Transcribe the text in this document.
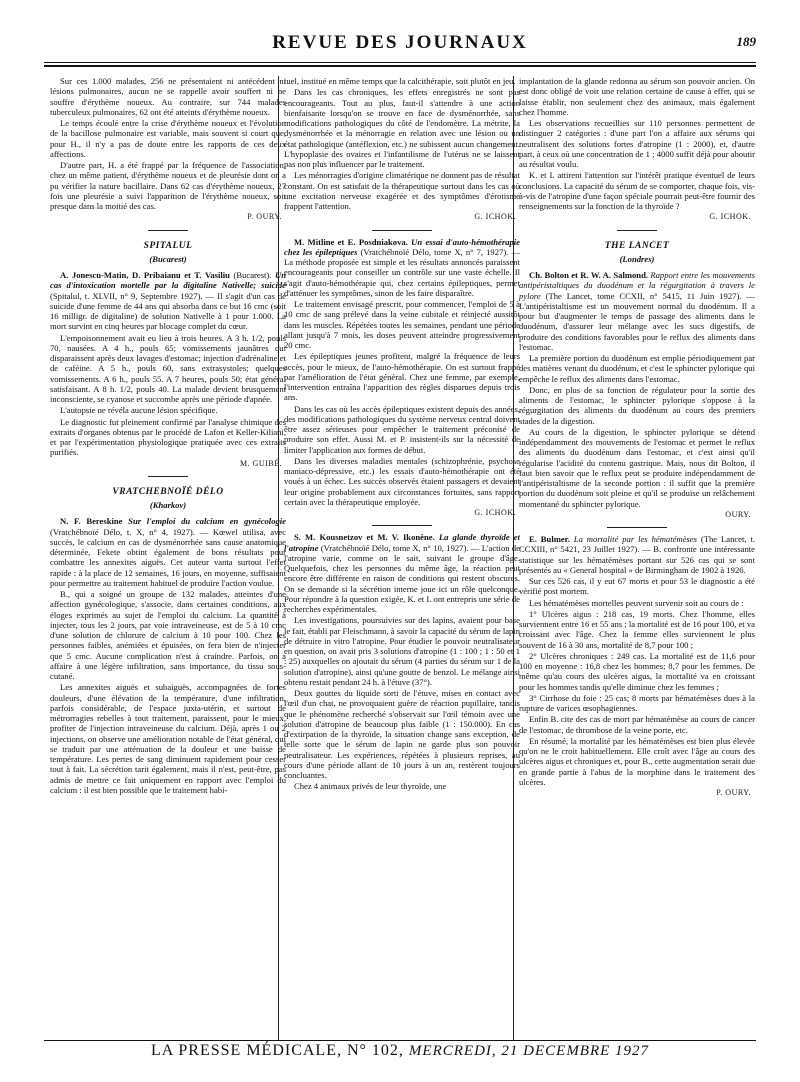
REVUE DES JOURNAUX	189

Sur ces 1.000 malades, 256 ne présentaient ni antécédent ni lésions pulmonaires, aucun ne se rappelle avoir souffert ni ne souffre d'érythème noueux. Au contraire, sur 744 malades tuberculeux pulmonaires, 62 ont été atteints d'érythème noueux.

Le temps écoulé entre la crise d'érythème noueux et l'évolution de la bacillose pulmonaire est variable, mais souvent si court que, pour H., il n'y a pas de doute entre les rapports de ces deux affections.

D'autre part, H. a été frappé par la fréquence de l'association, chez un même patient, d'érythème noueux et de pleurésie dont on a pu vérifier la nature bacillaire. Dans 62 cas d'érythème noueux, 27 fois une pleurésie a suivi l'apparition de l'érythème noueux, soit presque dans la moitié des cas.

P. OURY.
SPITALUL
(Bucarest)

A. Jonescu-Matin, D. Pribaianu et T. Vasiliu (Bucarest). Un cas d'intoxication mortelle par la digitaline Nativelle; suicide (Spitalul, t. XLVII, n° 9, Septembre 1927). — Il s'agit d'un cas de suicide d'une femme de 44 ans qui absorba dans ce but 16 cmc (soit 16 milligr. de digitaline) de solution Nativelle à 1 pour 1.000. La mort survint en cinq heures par blocage complet du cœur.

L'empoisonnement avait eu lieu à trois heures. A 3 h. 1/2, pouls 70, nausées. A 4 h., pouls 65; vomissements jaunâtres qui disparaissent après deux lavages d'estomac; injection d'adrénaline et de caféine. A 5 h., pouls 60, sans extrasystoles; quelques vomissements. A 6 h., pouls 55. A 7 heures, pouls 50; état général satisfaisant. A 8 h. 1/2, pouls 40. La malade devient brusquement inconsciente, se cyanose et succombe après une période d'apnée.

L'autopsie ne révéla aucune lésion spécifique.

Le diagnostic fut pleinement confirmé par l'analyse chimique des extraits d'organes obtenus par le procédé de Lafon et Keller-Kiliani, et par l'expérimentation physiologique pratiquée avec ces extraits purifiés.

M. GUIBÉ.
VRATCHEBNOÏÉ DÉLO
(Kharkov)

N. F. Bereskine Sur l'emploi du calcium en gynécologie (Vratchébnoïé Délo, t. X, n° 4, 1927). — Kœwel utilisa, avec succès, le calcium en cas de dysménorrhée sans cause anatomique déterminée, Fekete obtint également de bons résultats pour combattre les annexites aiguës. Cet auteur vanta surtout l'effet rapide : à la place de 12 semaines, 16 jours, en moyenne, suffisaient pour permettre au traitement habituel de produire l'action voulue.

B., qui a soigné un groupe de 132 malades, atteintes d'une affection gynécologique, s'associe, dans certaines conditions, aux éloges exprimés au sujet de l'emploi du calcium. La quantité à injecter, tous les 2 jours, par voie intraveineuse, est de 5 à 10 cmc d'une solution de chlorure de calcium à 10 pour 100. Chez les personnes faibles, anémiées et épuisées, on fera bien de n'injecter que 5 cmc. Aucune complication n'est à craindre. Parfois, on a affaire à une légère infiltration, sans importance, du tissu sous-cutané.

Les annexites aiguës et subaiguës, accompagnées de fortes douleurs, d'une élévation de la température, d'une infiltration, parfois considérable, de l'espace juxta-utérin, et surtout de métrorragies rebelles à tout traitement, paraissent, pour le mieux, profiter de l'injection intraveineuse du calcium. Déjà, après 1 ou 2 injections, on observe une amélioration notable de l'état général, qui se traduit par une atténuation de la douleur et une baisse de température. Les pertes de sang diminuent rapidement pour cesser tout à fait. La sécrétion tarit également, mais il n'est, peut-être, pas admis de mettre ce fait uniquement en rapport avec l'emploi du calcium : il est bien possible que le traitement habi-

tuel, institué en même temps que la calcithérapie, soit plutôt en jeu.

Dans les cas chroniques, les effets enregistrés ne sont pas encourageants. Tout au plus, faut-il s'attendre à une action bienfaisante lorsqu'on se trouve en face de dysménorrhée, sans modifications pathologiques du côté de l'endomètre. La métrite, la dysménorrhée et la ménorragie en relation avec une lésion ou un état pathologique (antéflexion, etc.) ne subissent aucun changement. L'hypoplasie des ovaires et l'infantilisme de l'utérus ne se laissent pas non plus influencer par le traitement.

Les ménorragies d'origine climatérique ne donnent pas de résultat constant. On est satisfait de la thérapeutique surtout dans les cas où une excitation nerveuse exagérée et des symptômes d'érotisme frappent l'attention.

G. ICHOK.

M. Mitline et E. Posdniakova. Un essai d'auto-hémothérapie chez les épileptiques (Vratchébnoïé Délo, tome X, n° 7, 1927). — La méthode proposée est simple et les résultats annoncés paraissent encourageants pour conseiller un contrôle sur une vaste échelle. Il s'agit d'auto-hémothérapie qui, chez certains épileptiques, permet d'atténuer les symptômes, sinon de les faire disparaître.

Le traitement envisagé prescrit, pour commencer, l'emploi de 5 à 10 cmc de sang prélevé dans la veine cubitale et réinjecté aussitôt dans les muscles. Répétées toutes les semaines, pendant une période allant jusqu'à 7 mois, les doses peuvent atteindre progressivement 20 cmc.

Les épileptiques jeunes profitent, malgré la fréquence de leurs accès, pour le mieux, de l'auto-hémothérapie. On est surtout frappé par l'amélioration de l'état général. Chez une femme, par exemple, l'intervention entraîna l'apparition des règles disparues depuis trois ans.

Dans les cas où les accès épileptiques existent depuis des années, des modifications pathologiques du système nerveux central doivent être assez sérieuses pour empêcher le traitement préconisé de produire son effet. Aussi M. et P. insistent-ils sur la nécessité de limiter l'application aux formes de début.

Dans les diverses maladies mentales (schizophrénie, psychose maniaco-dépressive, etc.) les essais d'auto-hémothérapie ont été voués à un échec. Les succès observés étaient passagers et devaient leur origine probablement aux circonstances fortuites, sans rapport certain avec la thérapeutique employée.

G. ICHOK.

S. M. Kousnetzov et M. V. Ikonène. La glande thyroïde et l'atropine (Vratchébnoïé Délo, tome X, n° 10, 1927). — L'action de l'atropine varie, comme on le sait, suivant le groupe d'âge. Quelquefois, chez les personnes du même âge, la réaction peut encore être différente en raison de conditions qui restent obscures. On se demande si la sécrétion interne joue ici un rôle quelconque. Pour répondre à la question exigée, K. et I. ont entrepris une série de recherches expérimentales.

Les investigations, poursuivies sur des lapins, avaient pour base le fait, établi par Fleischmann, à savoir la capacité du sérum de lapin de détruire in vitro l'atropine. Pour étudier le pouvoir neutralisateur en question, on avait pris 3 solutions d'atropine (1 : 100 ; 1 : 50 et 1 : 25) auxquelles on ajoutait du sérum (4 parties du sérum sur 1 de la solution d'atropine), ainsi qu'une goutte de benzol. Le mélange ainsi obtenu restait pendant 24 h. à l'étuve (37°).

Deux gouttes du liquide sorti de l'étuve, mises en contact avec l'œil d'un chat, ne provoquaient guère de réaction pupillaire, tandis que le phénomène recherché s'observait sur l'œil témoin avec une solution d'atropine de beaucoup plus faible (1 : 150.000). En cas d'extirpation de la thyroïde, la situation change sans exception, de telle sorte que le sérum de lapin ne garde plus son pouvoir neutralisateur. Les expériences, répétées à plusieurs reprises, au cours d'une période allant de 10 jours à un an, restèrent toujours concluantes.

Chez 4 animaux privés de leur thyroïde, une

implantation de la glande redonna au sérum son pouvoir ancien. On est donc obligé de voir une relation certaine de cause à effet, qui se laisse établir, non seulement chez des animaux, mais également chez l'homme.

Les observations recueillies sur 110 personnes permettent de distinguer 2 catégories : d'une part l'on a affaire aux sérums qui neutralisent des solutions fortes d'atropine (1 : 2000), et, d'autre part, à ceux où une concentration de 1 ; 4000 suffit déjà pour aboutir au résultat voulu.

K. et I. attirent l'attention sur l'intérêt pratique éventuel de leurs conclusions. La capacité du sérum de se comporter, chaque fois, vis-à-vis de l'atropine d'une façon spéciale pourrait peut-être fournir des renseignements sur la fonction de la thyroïde ?

G. ICHOK.
THE LANCET
(Londres)

Ch. Bolton et R. W. A. Salmond. Rapport entre les mouvements antipéristaltiques du duodénum et la régurgitation à travers le pylore (The Lancet, tome CCXII, n° 5415, 11 Juin 1927). — L'antipéristaltisme est un mouvement normal du duodénum. Il a pour but d'augmenter le temps de passage des aliments dans le duodénum, d'assurer leur mélange avec les sucs digestifs, de produire des conditions favorables pour le reflux des aliments dans l'estomac.

La première portion du duodénum est emplie périodiquement par des matières venant du duodénum, et c'est le sphincter pylorique qui empêche le reflux des aliments dans l'estomac.

Donc, en plus de sa fonction de régulateur pour la sortie des aliments de l'estomac, le sphincter pylorique s'oppose à la régurgitation des aliments du duodénum au cours des premiers stades de la digestion.

Au cours de la digestion, le sphincter pylorique se détend indépendamment des mouvements de l'estomac et permet le reflux des aliments du duodénum dans l'estomac, et c'est ainsi qu'il régularise l'acidité du contenu gastrique. Mais, nous dit Bolton, il faut bien savoir que le reflux peut se produire indépendamment de l'antipéristaltisme de la seconde portion : il suffit que la première portion du duodénum soit pleine et qu'il se produise un relâchement momentané du sphincter pylorique.

OURY.

E. Bulmer. La mortalité par les hématémèses (The Lancet, t. CCXIII, n° 5421, 23 Juillet 1927). — B. confronte une intéressante statistique sur les hématémèses portant sur 526 cas qui se sont présentés au « General hospital » de Birmingham de 1902 à 1926.

Sur ces 526 cas, il y eut 67 morts et pour 53 le diagnostic a été vérifié post mortem.

Les hématémèses mortelles peuvent survenir soit au cours de :

1° Ulcères aigus : 218 cas, 19 morts. Chez l'homme, elles surviennent entre 16 et 55 ans ; la mortalité est de 16 pour 100, et va croissant avec l'âge. Chez la femme elles surviennent le plus souvent de 16 à 30 ans, mortalité de 8,7 pour 100 ;

2° Ulcères chroniques : 249 cas. La mortalité est de 11,6 pour 100 en moyenne : 16,8 chez les hommes; 8,7 pour les femmes. De même qu'au cours des ulcères aigus, la mortalité va en croissant pour les hommes tandis qu'elle diminue chez les femmes ;

3° Cirrhose du foie : 25 cas; 8 morts par hématémèses dues à la rupture de varices œsophagiennes.

Enfin B. cite des cas de mort par hématémèse au cours de cancer de l'estomac, de thrombose de la veine porte, etc.

En résumé, la mortalité par les hématémèses est bien plus élevée qu'on ne le croit habituellement. Elle croît avec l'âge au cours des ulcères aigus et chroniques et, pour B., cette augmentation serait due en grande partie à l'abus de la morphine dans le traitement des ulcères.

P. OURY.
LA PRESSE MÉDICALE, N° 102, MERCREDI, 21 DECEMBRE 1927
